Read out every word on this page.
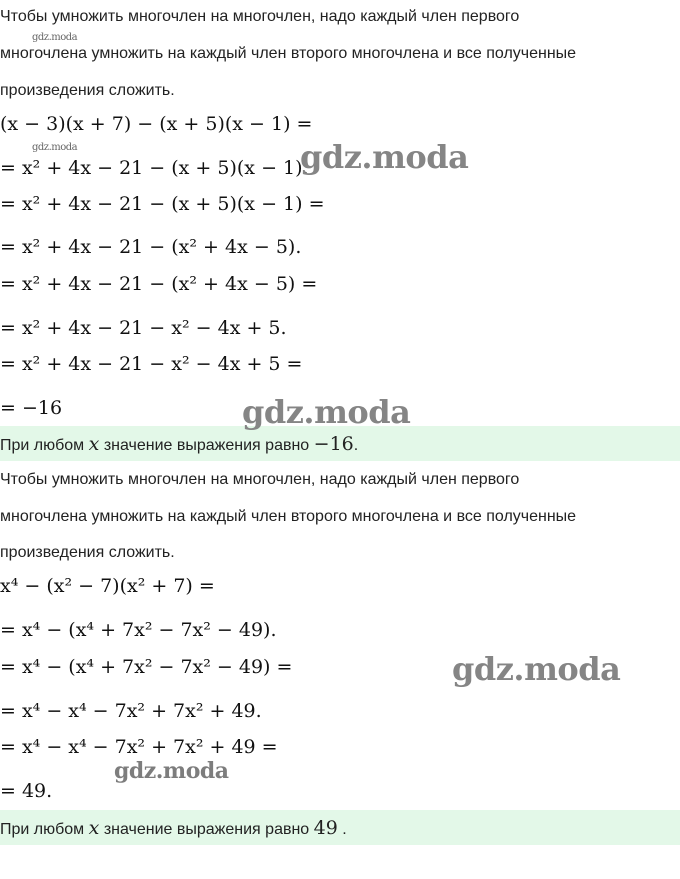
Чтобы умножить многочлен на многочлен, надо каждый член первого
многочлена умножить на каждый член второго многочлена и все полученные
произведения сложить.
(x − 3)(x + 7) − (x + 5)(x − 1) =
= x² + 4x − 21 − (x + 5)(x − 1).
= x² + 4x − 21 − (x + 5)(x − 1) =
= x² + 4x − 21 − (x² + 4x − 5).
= x² + 4x − 21 − (x² + 4x − 5) =
= x² + 4x − 21 − x² − 4x + 5.
= x² + 4x − 21 − x² − 4x + 5 =
= −16
При любом x значение выражения равно −16.
Чтобы умножить многочлен на многочлен, надо каждый член первого
многочлена умножить на каждый член второго многочлена и все полученные
произведения сложить.
x⁴ − (x² − 7)(x² + 7) =
= x⁴ − (x⁴ + 7x² − 7x² − 49).
= x⁴ − (x⁴ + 7x² − 7x² − 49) =
= x⁴ − x⁴ − 7x² + 7x² + 49.
= x⁴ − x⁴ − 7x² + 7x² + 49 =
= 49.
При любом x значение выражения равно 49 .
gdz.moda
gdz.moda	gdz.moda
gdz.moda
gdz.moda
gdz.moda
